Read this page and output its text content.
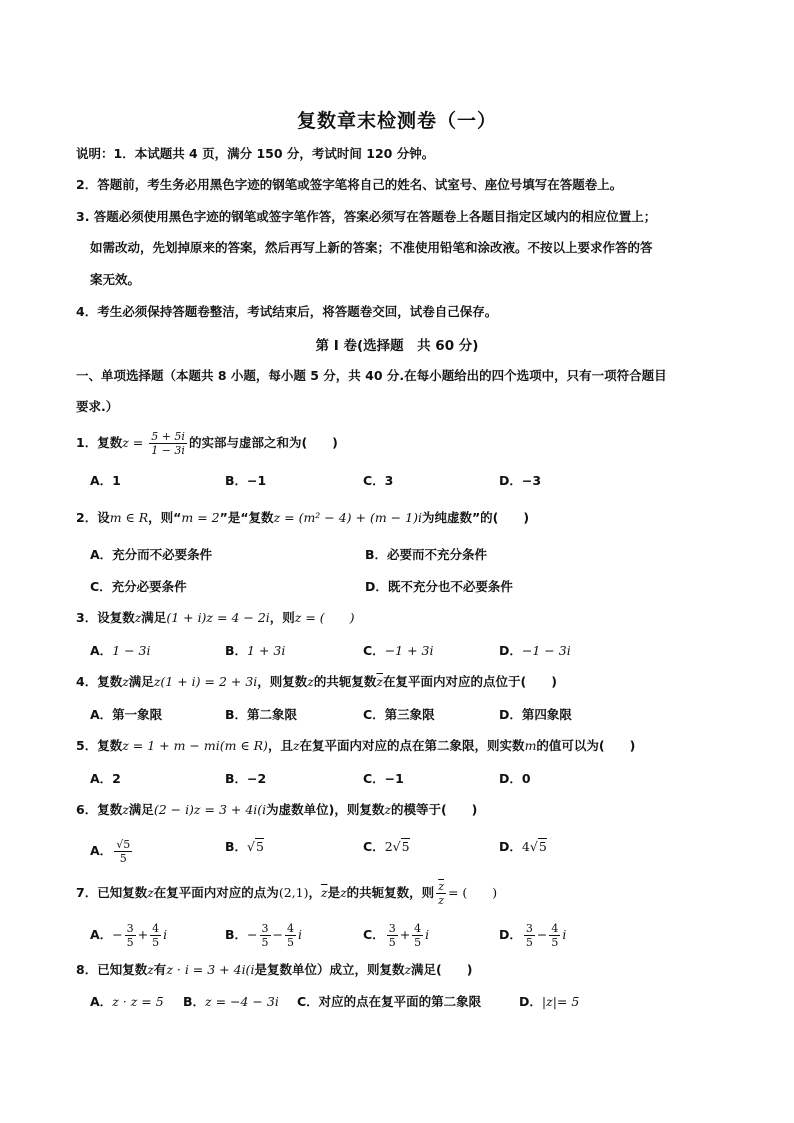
复数章末检测卷（一）
说明：1．本试题共 4 页，满分 150 分，考试时间 120 分钟。
2．答题前，考生务必用黑色字迹的钢笔或签字笔将自己的姓名、试室号、座位号填写在答题卷上。
3. 答题必须使用黑色字迹的钢笔或签字笔作答，答案必须写在答题卷上各题目指定区域内的相应位置上；
如需改动，先划掉原来的答案，然后再写上新的答案；不准使用铅笔和涂改液。不按以上要求作答的答
案无效。
4．考生必须保持答题卷整洁，考试结束后，将答题卷交回，试卷自己保存。
第 I 卷(选择题　共 60 分)
一、单项选择题（本题共 8 小题，每小题 5 分，共 40 分.在每小题给出的四个选项中，只有一项符合题目
要求.）
1．复数$z = \frac{5 + 5i}{1 - 3i}$ 的实部与虚部之和为(　　)
A．1	B．−1	C．3	D．−3
2．设m ∈ R，则“m = 2”是“复数z = (m² − 4) + (m − 1)i为纯虚数”的(　　)
A．充分而不必要条件	B．必要而不充分条件
C．充分必要条件	D．既不充分也不必要条件
3．设复数z满足(1 + i)z = 4 − 2i，则z = (　　)
A．1 − 3i	B．1 + 3i	C．−1 + 3i	D．−1 − 3i
4．复数z满足z(1 + i) = 2 + 3i，则复数z的共轭复数$\overline{z}$在复平面内对应的点位于(　　)
A．第一象限	B．第二象限	C．第三象限	D．第四象限
5．复数z = 1 + m − mi(m ∈ R)，且z在复平面内对应的点在第二象限，则实数m的值可以为(　　)
A．2	B．−2	C．−1	D．0
6．复数z满足(2 − i)z = 3 + 4i(i为虚数单位)，则复数z的模等于(　　)
A． $\frac{√5}{5}$	B．√5	C．2√5	D．4√5
7．已知复数z在复平面内对应的点为(2,1)，$\overline{z}$是z的共轭复数，则 $\frac{\overline{z}}{z}$ = (　　)
A．− $\frac{3}{5} + \frac{4}{5}$ i	B．− $\frac{3}{5} - \frac{4}{5}$ i	C． $\frac{3}{5} + \frac{4}{5}$ i	D． $\frac{3}{5} - \frac{4}{5}$ i
8．已知复数z有z · i = 3 + 4i(i是复数单位）成立，则复数z满足(　　)
A．z · z = 5 B．z = −4 − 3i C．对应的点在复平面的第二象限	D．|z|= 5
